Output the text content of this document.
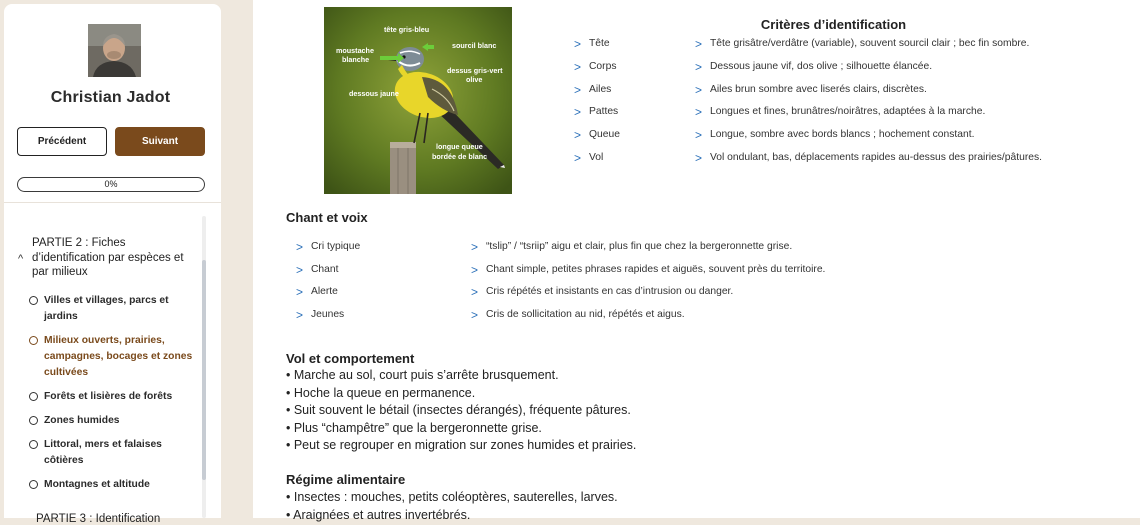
Christian Jadot
Précédent	Suivant
0%
^
PARTIE 2 : Fiches d’identification par espèces et par milieux
Villes et villages, parcs et jardins
Milieux ouverts, prairies, campagnes, bocages et zones cultivées
Forêts et lisières de forêts
Zones humides
Littoral, mers et falaises côtières
Montagnes et altitude
PARTIE 3 : Identification
tête gris-bleu
sourcil blanc
moustache
blanche
dessus gris-vert
olive
dessous jaune
longue queue
bordée de blanc
Critères d’identification
> Tête	> Tête grisâtre/verdâtre (variable), souvent sourcil clair ; bec fin sombre.
> Corps	> Dessous jaune vif, dos olive ; silhouette élancée.
> Ailes	> Ailes brun sombre avec liserés clairs, discrètes.
> Pattes	> Longues et fines, brunâtres/noirâtres, adaptées à la marche.
> Queue	> Longue, sombre avec bords blancs ; hochement constant.
> Vol	> Vol ondulant, bas, déplacements rapides au-dessus des prairies/pâtures.
Chant et voix
> Cri typique	> “tslip” / “tsriip” aigu et clair, plus fin que chez la bergeronnette grise.
> Chant	> Chant simple, petites phrases rapides et aiguës, souvent près du territoire.
> Alerte	> Cris répétés et insistants en cas d’intrusion ou danger.
> Jeunes	> Cris de sollicitation au nid, répétés et aigus.
Vol et comportement
• Marche au sol, court puis s’arrête brusquement.
• Hoche la queue en permanence.
• Suit souvent le bétail (insectes dérangés), fréquente pâtures.
• Plus “champêtre” que la bergeronnette grise.
• Peut se regrouper en migration sur zones humides et prairies.
Régime alimentaire
• Insectes : mouches, petits coléoptères, sauterelles, larves.
• Araignées et autres invertébrés.
